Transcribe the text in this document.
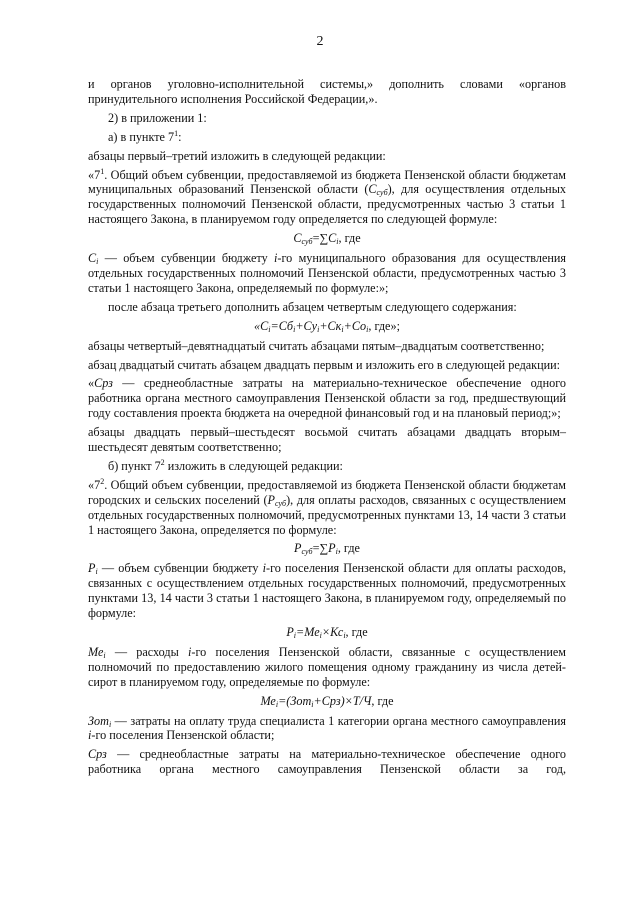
2

и органов уголовно-исполнительной системы,» дополнить словами «органов принудительного исполнения Российской Федерации,».

2) в приложении 1:

а) в пункте $7^1$:

абзацы первый–третий изложить в следующей редакции:

«$7^1$. Общий объем субвенции, предоставляемой из бюджета Пензенской области бюджетам муниципальных образований Пензенской области $(С_{суб})$, для осуществления отдельных государственных полномочий Пензенской области, предусмотренных частью 3 статьи 1 настоящего Закона, в планируемом году определяется по следующей формуле:

$С_{суб}=\sum С_i$, где

$С_i$ — объем субвенции бюджету i-го муниципального образования для осуществления отдельных государственных полномочий Пензенской области, предусмотренных частью 3 статьи 1 настоящего Закона, определяемый по формуле:»;

после абзаца третьего дополнить абзацем четвертым следующего содержания:

«$С_i=Сб_i+Су_i+Ск_i+Со_i$, где»;

абзацы четвертый–девятнадцатый считать абзацами пятым–двадцатым соответственно;

абзац двадцатый считать абзацем двадцать первым и изложить его в следующей редакции:

«Срз — среднеобластные затраты на материально-техническое обеспечение одного работника органа местного самоуправления Пензенской области за год, предшествующий году составления проекта бюджета на очередной финансовый год и на плановый период;»;

абзацы двадцать первый–шестьдесят восьмой считать абзацами двадцать вторым–шестьдесят девятым соответственно;

б) пункт $7^2$ изложить в следующей редакции:

«$7^2$. Общий объем субвенции, предоставляемой из бюджета Пензенской области бюджетам городских и сельских поселений $(Р_{суб})$, для оплаты расходов, связанных с осуществлением отдельных государственных полномочий, предусмотренных пунктами 13, 14 части 3 статьи 1 настоящего Закона, определяется по формуле:

$Р_{суб}=\sum Р_i$, где

$Р_i$ — объем субвенции бюджету i-го поселения Пензенской области для оплаты расходов, связанных с осуществлением отдельных государственных полномочий, предусмотренных пунктами 13, 14 части 3 статьи 1 настоящего Закона, в планируемом году, определяемый по формуле:

$Р_i=Ме_i\times Кс_i$, где

$Ме_i$ — расходы i-го поселения Пензенской области, связанные с осуществлением полномочий по предоставлению жилого помещения одному гражданину из числа детей-сирот в планируемом году, определяемые по формуле:

$Ме_i=(Зот_i+Срз)\times Т/Ч$, где

Зот$_i$ — затраты на оплату труда специалиста 1 категории органа местного самоуправления i-го поселения Пензенской области;

Срз — среднеобластные затраты на материально-техническое обеспечение одного работника органа местного самоуправления Пензенской области за год,
